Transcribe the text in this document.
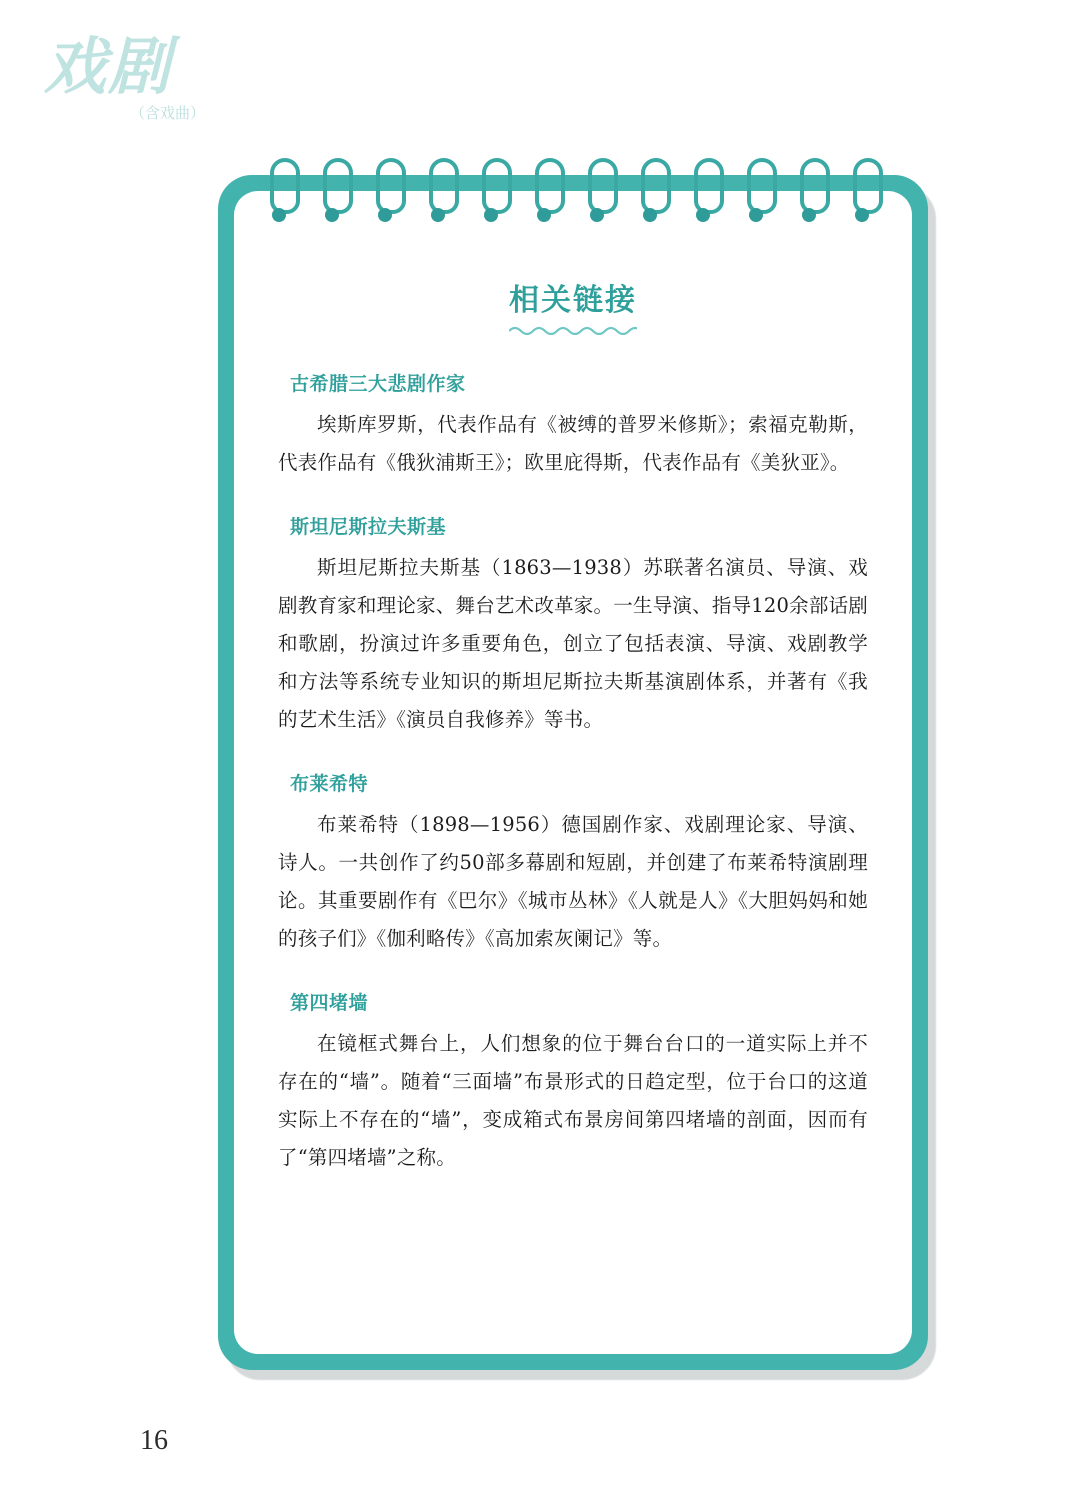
戏剧
（含戏曲）
相关链接
古希腊三大悲剧作家
埃斯库罗斯，代表作品有《被缚的普罗米修斯》；索福克勒斯，代表作品有《俄狄浦斯王》；欧里庇得斯，代表作品有《美狄亚》。
斯坦尼斯拉夫斯基
斯坦尼斯拉夫斯基（1863—1938）苏联著名演员、导演、戏剧教育家和理论家、舞台艺术改革家。一生导演、指导120余部话剧和歌剧，扮演过许多重要角色，创立了包括表演、导演、戏剧教学和方法等系统专业知识的斯坦尼斯拉夫斯基演剧体系，并著有《我的艺术生活》《演员自我修养》等书。
布莱希特
布莱希特（1898—1956）德国剧作家、戏剧理论家、导演、诗人。一共创作了约50部多幕剧和短剧，并创建了布莱希特演剧理论。其重要剧作有《巴尔》《城市丛林》《人就是人》《大胆妈妈和她的孩子们》《伽利略传》《高加索灰阑记》等。
第四堵墙
在镜框式舞台上，人们想象的位于舞台台口的一道实际上并不存在的“墙”。随着“三面墙”布景形式的日趋定型，位于台口的这道实际上不存在的“墙”，变成箱式布景房间第四堵墙的剖面，因而有了“第四堵墙”之称。
16
